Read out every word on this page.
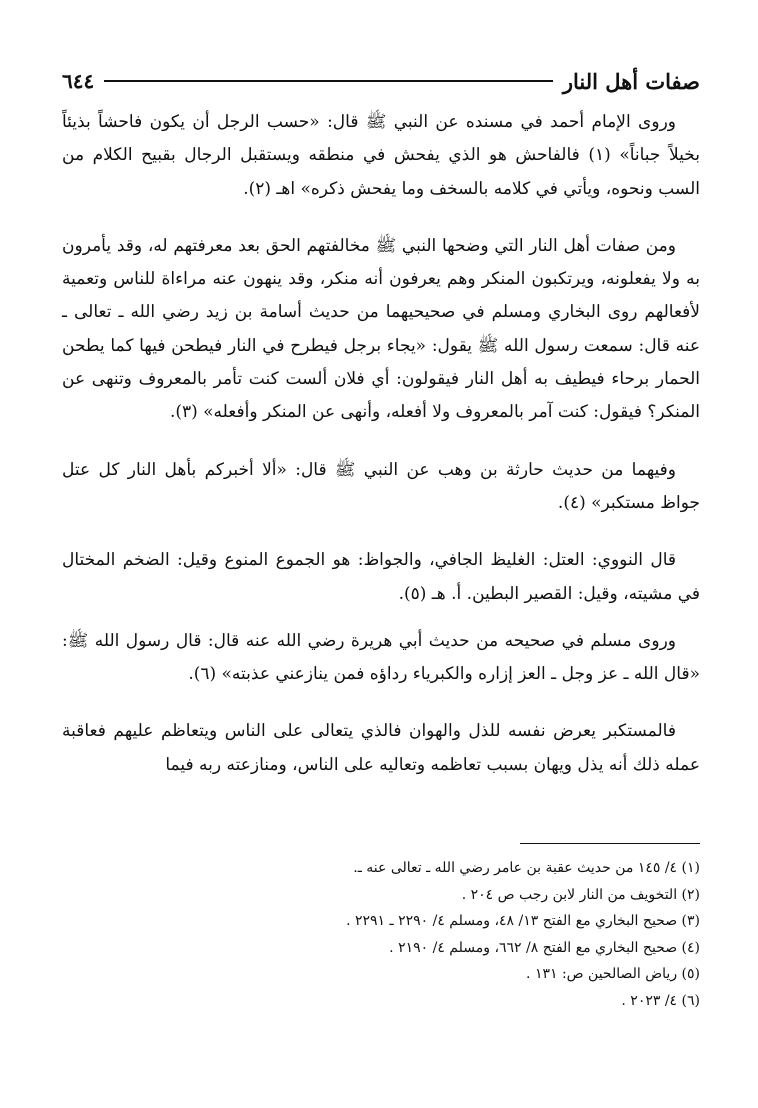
صفات أهل النار
٦٤٤

وروى الإمام أحمد في مسنده عن النبي ﷺ قال: «حسب الرجل أن يكون فاحشاً بذيئاً بخيلاً جباناً» (١) فالفاحش هو الذي يفحش في منطقه ويستقبل الرجال بقبيح الكلام من السب ونحوه، ويأتي في كلامه بالسخف وما يفحش ذكره» اهـ (٢).

ومن صفات أهل النار التي وضحها النبي ﷺ مخالفتهم الحق بعد معرفتهم له، وقد يأمرون به ولا يفعلونه، ويرتكبون المنكر وهم يعرفون أنه منكر، وقد ينهون عنه مراءاة للناس وتعمية لأفعالهم روى البخاري ومسلم في صحيحيهما من حديث أسامة بن زيد رضي الله ـ تعالى ـ عنه قال: سمعت رسول الله ﷺ يقول: «يجاء برجل فيطرح في النار فيطحن فيها كما يطحن الحمار برحاء فيطيف به أهل النار فيقولون: أي فلان ألست كنت تأمر بالمعروف وتنهى عن المنكر؟ فيقول: كنت آمر بالمعروف ولا أفعله، وأنهى عن المنكر وأفعله» (٣).

وفيهما من حديث حارثة بن وهب عن النبي ﷺ قال: «ألا أخبركم بأهل النار كل عتل جواظ مستكبر» (٤).

قال النووي: العتل: الغليظ الجافي، والجواظ: هو الجموع المنوع وقيل: الضخم المختال في مشيته، وقيل: القصير البطين. أ. هـ (٥).

وروى مسلم في صحيحه من حديث أبي هريرة رضي الله عنه قال: قال رسول الله ﷺ: «قال الله ـ عز وجل ـ العز إزاره والكبرياء رداؤه فمن ينازعني عذبته» (٦).

فالمستكبر يعرض نفسه للذل والهوان فالذي يتعالى على الناس ويتعاظم عليهم فعاقبة عمله ذلك أنه يذل ويهان بسبب تعاظمه وتعاليه على الناس، ومنازعته ربه فيما

(١) ٤/ ١٤٥ من حديث عقبة بن عامر رضي الله ـ تعالى عنه ـ.
(٢) التخويف من النار لابن رجب ص ٢٠٤ .
(٣) صحيح البخاري مع الفتح ١٣/ ٤٨، ومسلم ٤/ ٢٢٩٠ ـ ٢٢٩١ .
(٤) صحيح البخاري مع الفتح ٨/ ٦٦٢، ومسلم ٤/ ٢١٩٠ .
(٥) رياض الصالحين ص: ١٣١ .
(٦) ٤/ ٢٠٢٣ .
